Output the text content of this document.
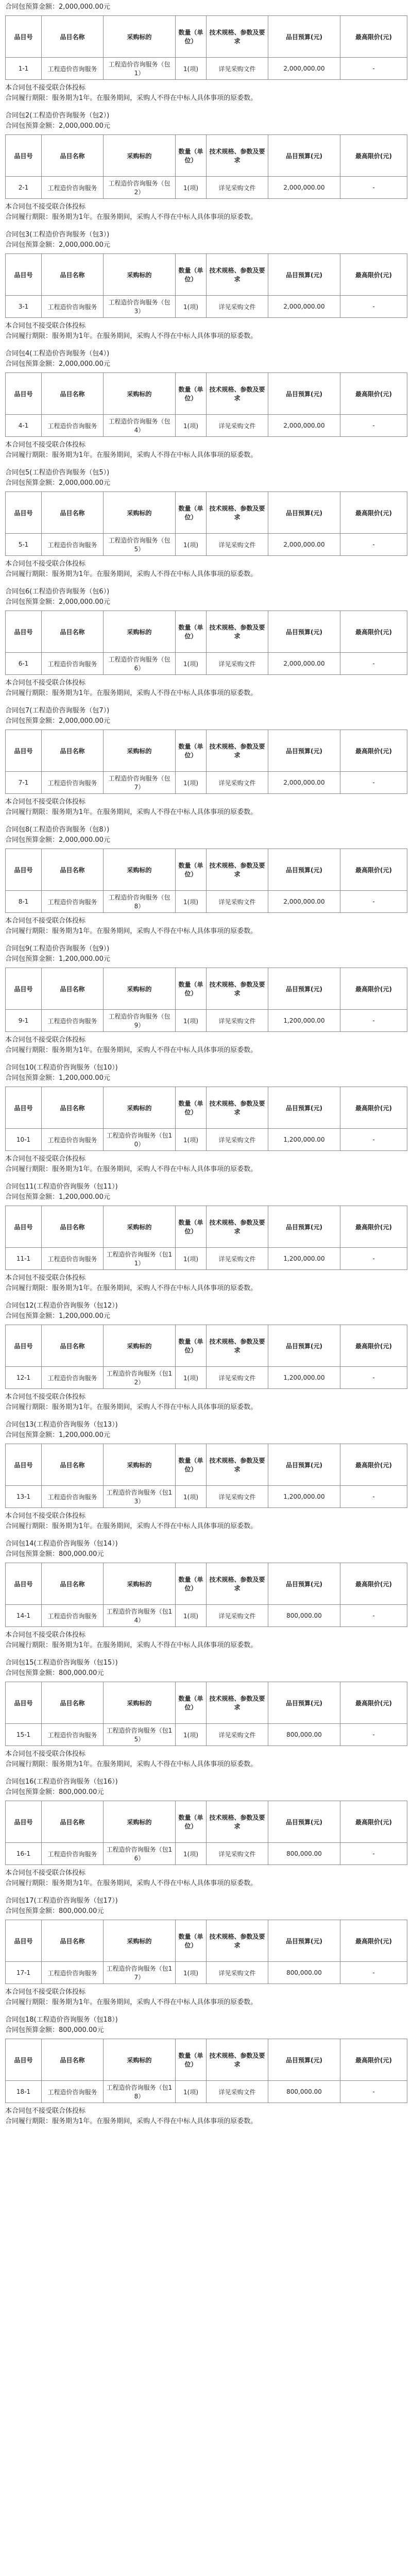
合同包预算金额：2,000,000.00元
品目号	品目名称	采购标的	数量（单位）	技术规格、参数及要求	品目预算(元)	最高限价(元)
1-1	工程造价咨询服务	工程造价咨询服务（包1）	1(项)	详见采购文件	2,000,000.00	-
本合同包不接受联合体投标
合同履行期限：服务期为1年。在服务期间，采购人不得在中标人具体事项的原委数。
合同包2(工程造价咨询服务（包2）)
合同包预算金额：2,000,000.00元
品目号	品目名称	采购标的	数量（单位）	技术规格、参数及要求	品目预算(元)	最高限价(元)
2-1	工程造价咨询服务	工程造价咨询服务（包2）	1(项)	详见采购文件	2,000,000.00	-
本合同包不接受联合体投标
合同履行期限：服务期为1年。在服务期间，采购人不得在中标人具体事项的原委数。
合同包3(工程造价咨询服务（包3）)
合同包预算金额：2,000,000.00元
品目号	品目名称	采购标的	数量（单位）	技术规格、参数及要求	品目预算(元)	最高限价(元)
3-1	工程造价咨询服务	工程造价咨询服务（包3）	1(项)	详见采购文件	2,000,000.00	-
本合同包不接受联合体投标
合同履行期限：服务期为1年。在服务期间，采购人不得在中标人具体事项的原委数。
合同包4(工程造价咨询服务（包4）)
合同包预算金额：2,000,000.00元
品目号	品目名称	采购标的	数量（单位）	技术规格、参数及要求	品目预算(元)	最高限价(元)
4-1	工程造价咨询服务	工程造价咨询服务（包4）	1(项)	详见采购文件	2,000,000.00	-
本合同包不接受联合体投标
合同履行期限：服务期为1年。在服务期间，采购人不得在中标人具体事项的原委数。
合同包5(工程造价咨询服务（包5）)
合同包预算金额：2,000,000.00元
品目号	品目名称	采购标的	数量（单位）	技术规格、参数及要求	品目预算(元)	最高限价(元)
5-1	工程造价咨询服务	工程造价咨询服务（包5）	1(项)	详见采购文件	2,000,000.00	-
本合同包不接受联合体投标
合同履行期限：服务期为1年。在服务期间，采购人不得在中标人具体事项的原委数。
合同包6(工程造价咨询服务（包6）)
合同包预算金额：2,000,000.00元
品目号	品目名称	采购标的	数量（单位）	技术规格、参数及要求	品目预算(元)	最高限价(元)
6-1	工程造价咨询服务	工程造价咨询服务（包6）	1(项)	详见采购文件	2,000,000.00	-
本合同包不接受联合体投标
合同履行期限：服务期为1年。在服务期间，采购人不得在中标人具体事项的原委数。
合同包7(工程造价咨询服务（包7）)
合同包预算金额：2,000,000.00元
品目号	品目名称	采购标的	数量（单位）	技术规格、参数及要求	品目预算(元)	最高限价(元)
7-1	工程造价咨询服务	工程造价咨询服务（包7）	1(项)	详见采购文件	2,000,000.00	-
本合同包不接受联合体投标
合同履行期限：服务期为1年。在服务期间，采购人不得在中标人具体事项的原委数。
合同包8(工程造价咨询服务（包8）)
合同包预算金额：2,000,000.00元
品目号	品目名称	采购标的	数量（单位）	技术规格、参数及要求	品目预算(元)	最高限价(元)
8-1	工程造价咨询服务	工程造价咨询服务（包8）	1(项)	详见采购文件	2,000,000.00	-
本合同包不接受联合体投标
合同履行期限：服务期为1年。在服务期间，采购人不得在中标人具体事项的原委数。
合同包9(工程造价咨询服务（包9）)
合同包预算金额：1,200,000.00元
品目号	品目名称	采购标的	数量（单位）	技术规格、参数及要求	品目预算(元)	最高限价(元)
9-1	工程造价咨询服务	工程造价咨询服务（包9）	1(项)	详见采购文件	1,200,000.00	-
本合同包不接受联合体投标
合同履行期限：服务期为1年。在服务期间，采购人不得在中标人具体事项的原委数。
合同包10(工程造价咨询服务（包10）)
合同包预算金额：1,200,000.00元
品目号	品目名称	采购标的	数量（单位）	技术规格、参数及要求	品目预算(元)	最高限价(元)
10-1	工程造价咨询服务	工程造价咨询服务（包10）	1(项)	详见采购文件	1,200,000.00	-
本合同包不接受联合体投标
合同履行期限：服务期为1年。在服务期间，采购人不得在中标人具体事项的原委数。
合同包11(工程造价咨询服务（包11）)
合同包预算金额：1,200,000.00元
品目号	品目名称	采购标的	数量（单位）	技术规格、参数及要求	品目预算(元)	最高限价(元)
11-1	工程造价咨询服务	工程造价咨询服务（包11）	1(项)	详见采购文件	1,200,000.00	-
本合同包不接受联合体投标
合同履行期限：服务期为1年。在服务期间，采购人不得在中标人具体事项的原委数。
合同包12(工程造价咨询服务（包12）)
合同包预算金额：1,200,000.00元
品目号	品目名称	采购标的	数量（单位）	技术规格、参数及要求	品目预算(元)	最高限价(元)
12-1	工程造价咨询服务	工程造价咨询服务（包12）	1(项)	详见采购文件	1,200,000.00	-
本合同包不接受联合体投标
合同履行期限：服务期为1年。在服务期间，采购人不得在中标人具体事项的原委数。
合同包13(工程造价咨询服务（包13）)
合同包预算金额：1,200,000.00元
品目号	品目名称	采购标的	数量（单位）	技术规格、参数及要求	品目预算(元)	最高限价(元)
13-1	工程造价咨询服务	工程造价咨询服务（包13）	1(项)	详见采购文件	1,200,000.00	-
本合同包不接受联合体投标
合同履行期限：服务期为1年。在服务期间，采购人不得在中标人具体事项的原委数。
合同包14(工程造价咨询服务（包14）)
合同包预算金额：800,000.00元
品目号	品目名称	采购标的	数量（单位）	技术规格、参数及要求	品目预算(元)	最高限价(元)
14-1	工程造价咨询服务	工程造价咨询服务（包14）	1(项)	详见采购文件	800,000.00	-
本合同包不接受联合体投标
合同履行期限：服务期为1年。在服务期间，采购人不得在中标人具体事项的原委数。
合同包15(工程造价咨询服务（包15）)
合同包预算金额：800,000.00元
品目号	品目名称	采购标的	数量（单位）	技术规格、参数及要求	品目预算(元)	最高限价(元)
15-1	工程造价咨询服务	工程造价咨询服务（包15）	1(项)	详见采购文件	800,000.00	-
本合同包不接受联合体投标
合同履行期限：服务期为1年。在服务期间，采购人不得在中标人具体事项的原委数。
合同包16(工程造价咨询服务（包16）)
合同包预算金额：800,000.00元
品目号	品目名称	采购标的	数量（单位）	技术规格、参数及要求	品目预算(元)	最高限价(元)
16-1	工程造价咨询服务	工程造价咨询服务（包16）	1(项)	详见采购文件	800,000.00	-
本合同包不接受联合体投标
合同履行期限：服务期为1年。在服务期间，采购人不得在中标人具体事项的原委数。
合同包17(工程造价咨询服务（包17）)
合同包预算金额：800,000.00元
品目号	品目名称	采购标的	数量（单位）	技术规格、参数及要求	品目预算(元)	最高限价(元)
17-1	工程造价咨询服务	工程造价咨询服务（包17）	1(项)	详见采购文件	800,000.00	-
本合同包不接受联合体投标
合同履行期限：服务期为1年。在服务期间，采购人不得在中标人具体事项的原委数。
合同包18(工程造价咨询服务（包18）)
合同包预算金额：800,000.00元
品目号	品目名称	采购标的	数量（单位）	技术规格、参数及要求	品目预算(元)	最高限价(元)
18-1	工程造价咨询服务	工程造价咨询服务（包18）	1(项)	详见采购文件	800,000.00	-
本合同包不接受联合体投标
合同履行期限：服务期为1年。在服务期间，采购人不得在中标人具体事项的原委数。
